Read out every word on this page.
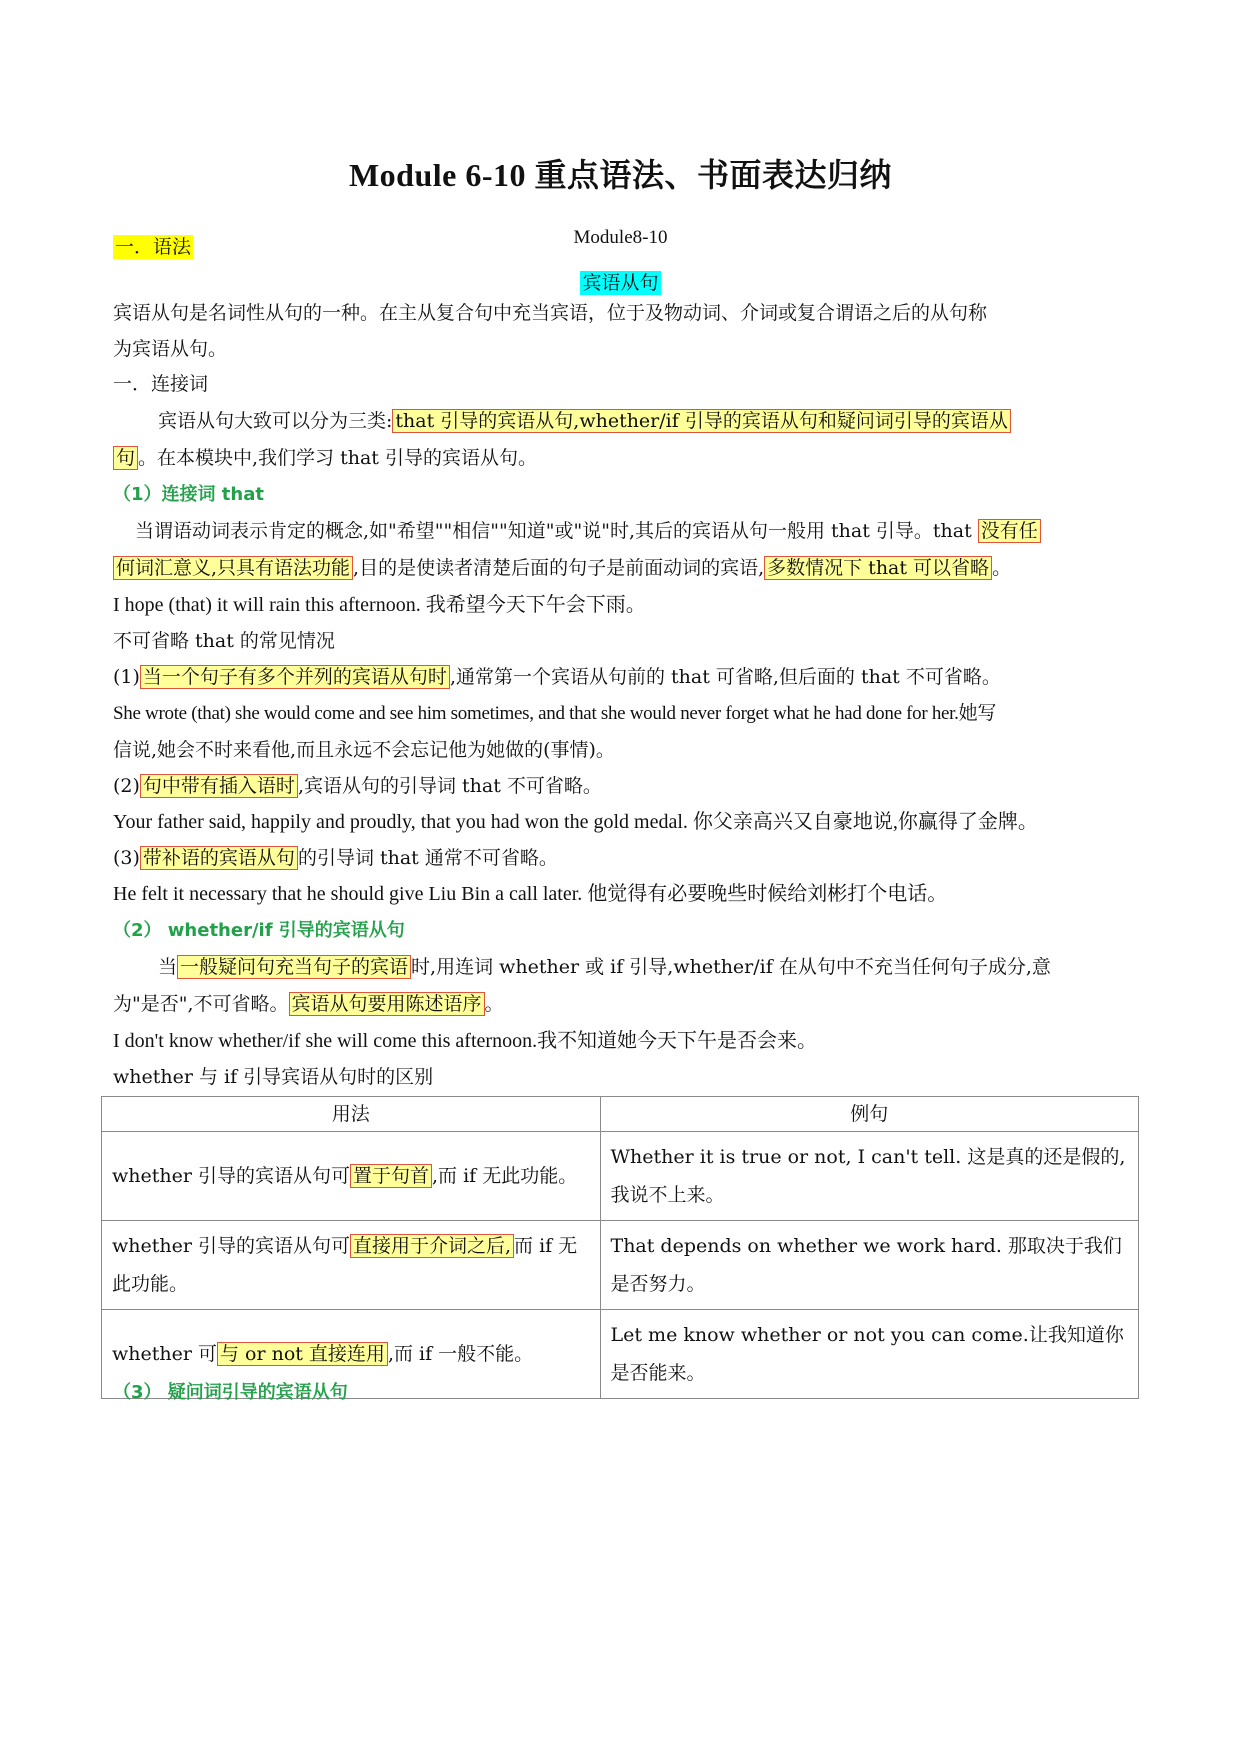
Module 6-10 重点语法、书面表达归纳
Module8-10
一．语法
宾语从句
宾语从句是名词性从句的一种。在主从复合句中充当宾语，位于及物动词、介词或复合谓语之后的从句称
为宾语从句。
一．连接词
宾语从句大致可以分为三类: that 引导的宾语从句,whether/if 引导的宾语从句和疑问词引导的宾语从
句 。在本模块中,我们学习 that 引导的宾语从句。
（1）连接词 that
当谓语动词表示肯定的概念,如"希望""相信""知道"或"说"时,其后的宾语从句一般用 that 引导。that 没有任
何词汇意义,只具有语法功能 ,目的是使读者清楚后面的句子是前面动词的宾语, 多数情况下 that 可以省略 。
I hope (that) it will rain this afternoon. 我希望今天下午会下雨。
不可省略 that 的常见情况
(1) 当一个句子有多个并列的宾语从句时 ,通常第一个宾语从句前的 that 可省略,但后面的 that 不可省略。
She wrote (that) she would come and see him sometimes, and that she would never forget what he had done for her.她写
信说,她会不时来看他,而且永远不会忘记他为她做的(事情)。
(2) 句中带有插入语时 ,宾语从句的引导词 that 不可省略。
Your father said, happily and proudly, that you had won the gold medal. 你父亲高兴又自豪地说,你赢得了金牌。
(3) 带补语的宾语从句 的引导词 that 通常不可省略。
He felt it necessary that he should give Liu Bin a call later. 他觉得有必要晚些时候给刘彬打个电话。
（2） whether/if 引导的宾语从句
当 一般疑问句充当句子的宾语 时,用连词 whether 或 if 引导,whether/if 在从句中不充当任何句子成分,意
为"是否",不可省略。 宾语从句要用陈述语序 。
I don't know whether/if she will come this afternoon.我不知道她今天下午是否会来。
whether 与 if 引导宾语从句时的区别
用法	例句
whether 引导的宾语从句可 置于句首 ,而 if 无此功能。	Whether it is true or not, I can't tell. 这是真的还是假的,我说不上来。
whether 引导的宾语从句可 直接用于介词之后, 而 if 无此功能。	That depends on whether we work hard. 那取决于我们是否努力。
whether 可 与 or not 直接连用 ,而 if 一般不能。	Let me know whether or not you can come.让我知道你是否能来。
（3） 疑问词引导的宾语从句
